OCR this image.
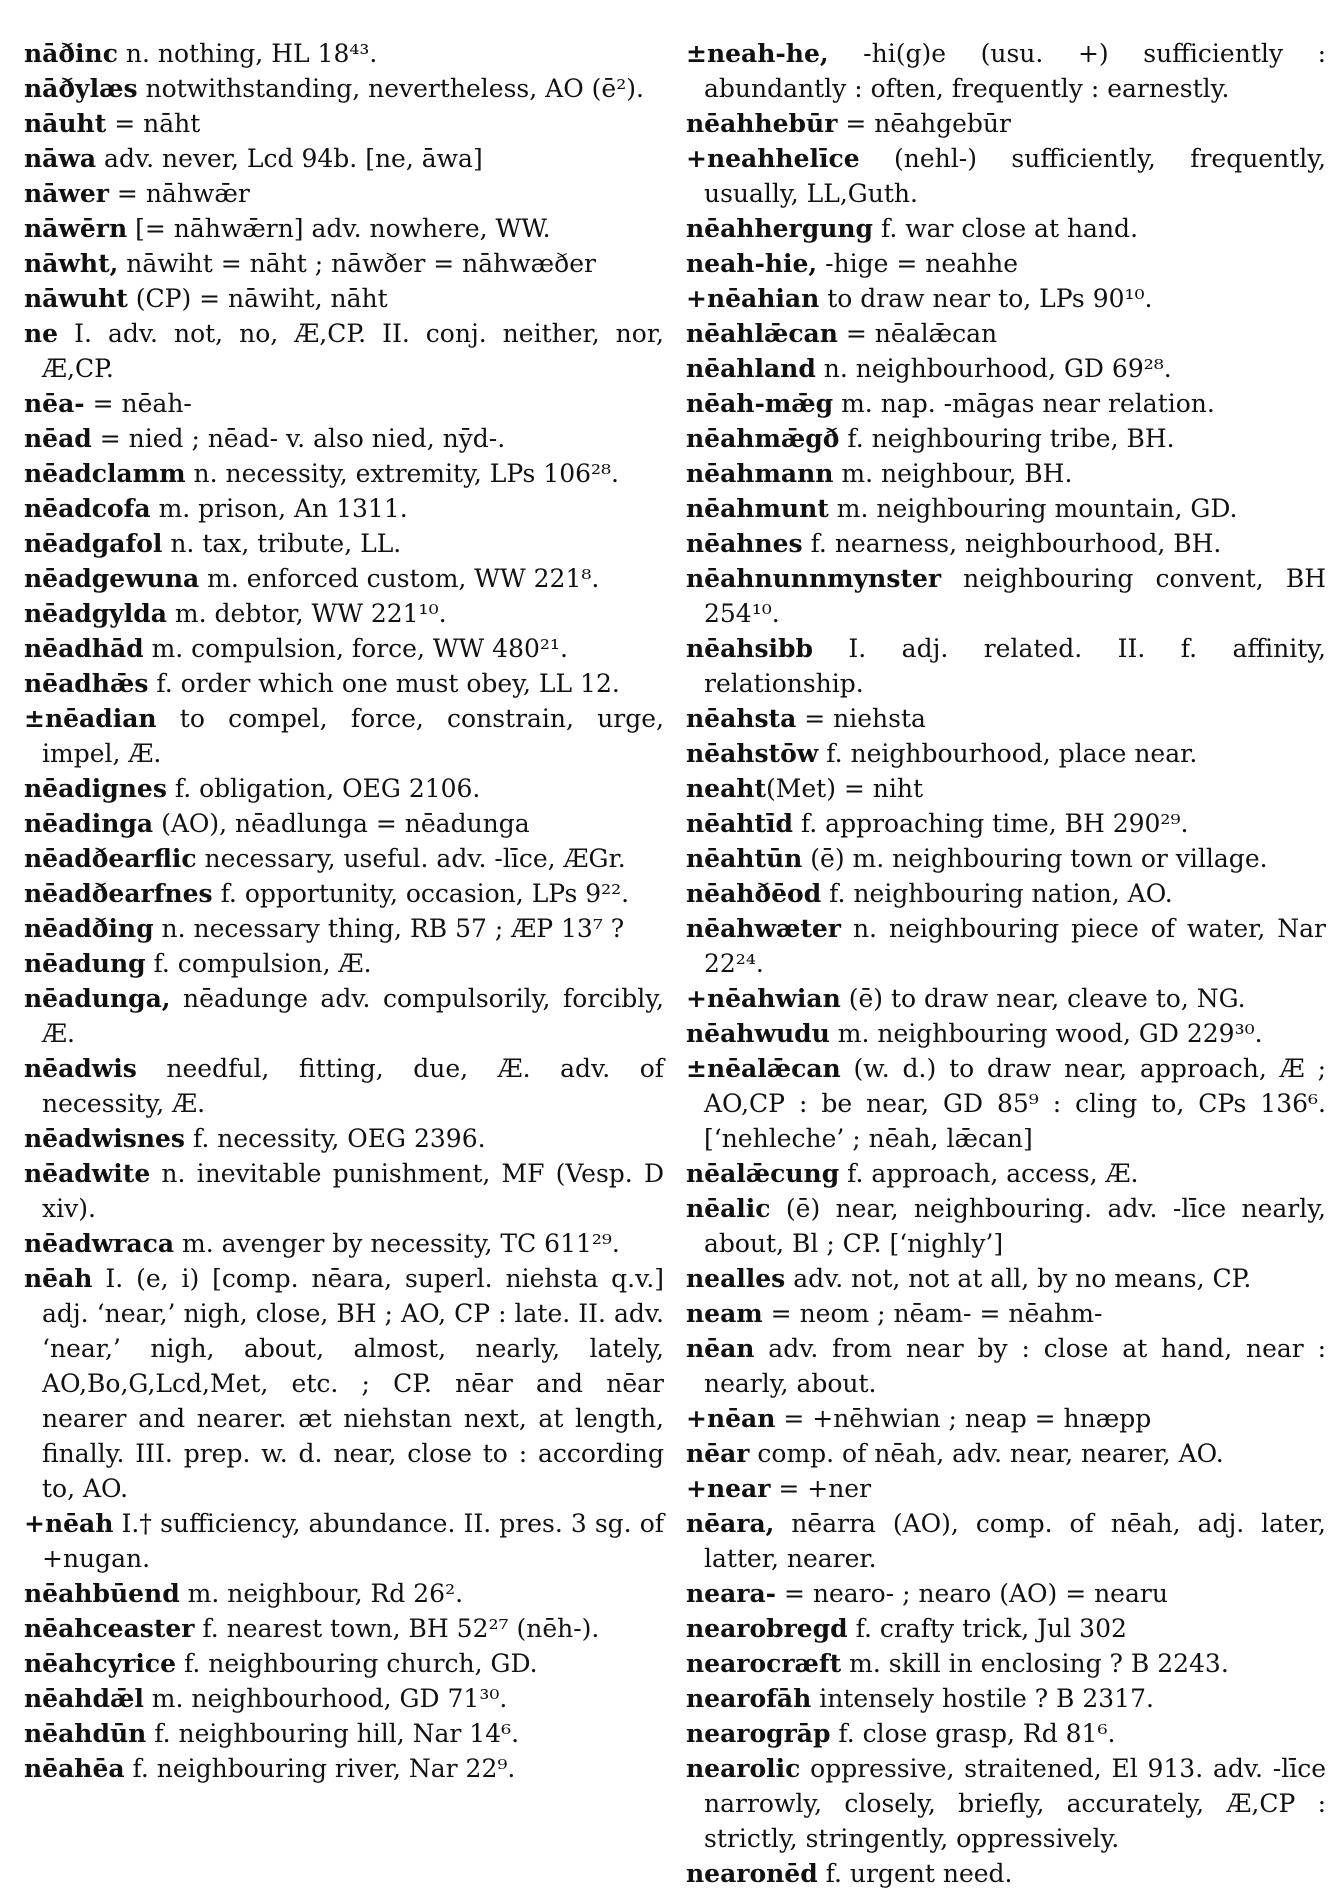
nāðinc n. nothing, HL 18⁴³.

nāðylæs notwithstanding, nevertheless, AO (ē²).

nāuht = nāht

nāwa adv. never, Lcd 94b. [ne, āwa]

nāwer = nāhwǣr

nāwērn [= nāhwǣrn] adv. nowhere, WW.

nāwht, nāwiht = nāht ; nāwðer = nāhwæðer

nāwuht (CP) = nāwiht, nāht

ne I. adv. not, no, Æ,CP. II. conj. neither, nor, Æ,CP.

nēa- = nēah-

nēad = nied ; nēad- v. also nied, nȳd-.

nēadclamm n. necessity, extremity, LPs 106²⁸.

nēadcofa m. prison, An 1311.

nēadgafol n. tax, tribute, LL.

nēadgewuna m. enforced custom, WW 221⁸.

nēadgylda m. debtor, WW 221¹⁰.

nēadhād m. compulsion, force, WW 480²¹.

nēadhǣs f. order which one must obey, LL 12.

±nēadian to compel, force, constrain, urge, impel, Æ.

nēadignes f. obligation, OEG 2106.

nēadinga (AO), nēadlunga = nēadunga

nēadðearflic necessary, useful. adv. -līce, ÆGr.

nēadðearfnes f. opportunity, occasion, LPs 9²².

nēadðing n. necessary thing, RB 57 ; ÆP 13⁷ ?

nēadung f. compulsion, Æ.

nēadunga, nēadunge adv. compulsorily, forcibly, Æ.

nēadwis needful, fitting, due, Æ. adv. of necessity, Æ.

nēadwisnes f. necessity, OEG 2396.

nēadwite n. inevitable punishment, MF (Vesp. D xiv).

nēadwraca m. avenger by necessity, TC 611²⁹.

nēah I. (e, i) [comp. nēara, superl. niehsta q.v.] adj. ‘near,’ nigh, close, BH ; AO, CP : late. II. adv. ‘near,’ nigh, about, almost, nearly, lately, AO,Bo,G,Lcd,Met, etc. ; CP. nēar and nēar nearer and nearer. æt niehstan next, at length, finally. III. prep. w. d. near, close to : according to, AO.

+nēah I.† sufficiency, abundance. II. pres. 3 sg. of +nugan.

nēahbūend m. neighbour, Rd 26².

nēahceaster f. nearest town, BH 52²⁷ (nēh-).

nēahcyrice f. neighbouring church, GD.

nēahdǣl m. neighbourhood, GD 71³⁰.

nēahdūn f. neighbouring hill, Nar 14⁶.

nēahēa f. neighbouring river, Nar 22⁹.

±neah-he, -hi(g)e (usu. +) sufficiently : abundantly : often, frequently : earnestly.

nēahhebūr = nēahgebūr

+neahhelīce (nehl-) sufficiently, frequently, usually, LL,Guth.

nēahhergung f. war close at hand.

neah-hie, -hige = neahhe

+nēahian to draw near to, LPs 90¹⁰.

nēahlǣcan = nēalǣcan

nēahland n. neighbourhood, GD 69²⁸.

nēah-mǣg m. nap. -māgas near relation.

nēahmǣgð f. neighbouring tribe, BH.

nēahmann m. neighbour, BH.

nēahmunt m. neighbouring mountain, GD.

nēahnes f. nearness, neighbourhood, BH.

nēahnunnmynster neighbouring convent, BH 254¹⁰.

nēahsibb I. adj. related. II. f. affinity, relationship.

nēahsta = niehsta

nēahstōw f. neighbourhood, place near.

neaht(Met) = niht

nēahtīd f. approaching time, BH 290²⁹.

nēahtūn (ē) m. neighbouring town or village.

nēahðēod f. neighbouring nation, AO.

nēahwæter n. neighbouring piece of water, Nar 22²⁴.

+nēahwian (ē) to draw near, cleave to, NG.

nēahwudu m. neighbouring wood, GD 229³⁰.

±nēalǣcan (w. d.) to draw near, approach, Æ ; AO,CP : be near, GD 85⁹ : cling to, CPs 136⁶. [‘nehleche’ ; nēah, lǣcan]

nēalǣcung f. approach, access, Æ.

nēalic (ē) near, neighbouring. adv. -līce nearly, about, Bl ; CP. [‘nighly’]

nealles adv. not, not at all, by no means, CP.

neam = neom ; nēam- = nēahm-

nēan adv. from near by : close at hand, near : nearly, about.

+nēan = +nēhwian ; neap = hnæpp

nēar comp. of nēah, adv. near, nearer, AO.

+near = +ner

nēara, nēarra (AO), comp. of nēah, adj. later, latter, nearer.

neara- = nearo- ; nearo (AO) = nearu

nearobregd f. crafty trick, Jul 302

nearocræft m. skill in enclosing ? B 2243.

nearofāh intensely hostile ? B 2317.

nearogrāp f. close grasp, Rd 81⁶.

nearolic oppressive, straitened, El 913. adv. -līce narrowly, closely, briefly, accurately, Æ,CP : strictly, stringently, oppressively.

nearonēd f. urgent need.
